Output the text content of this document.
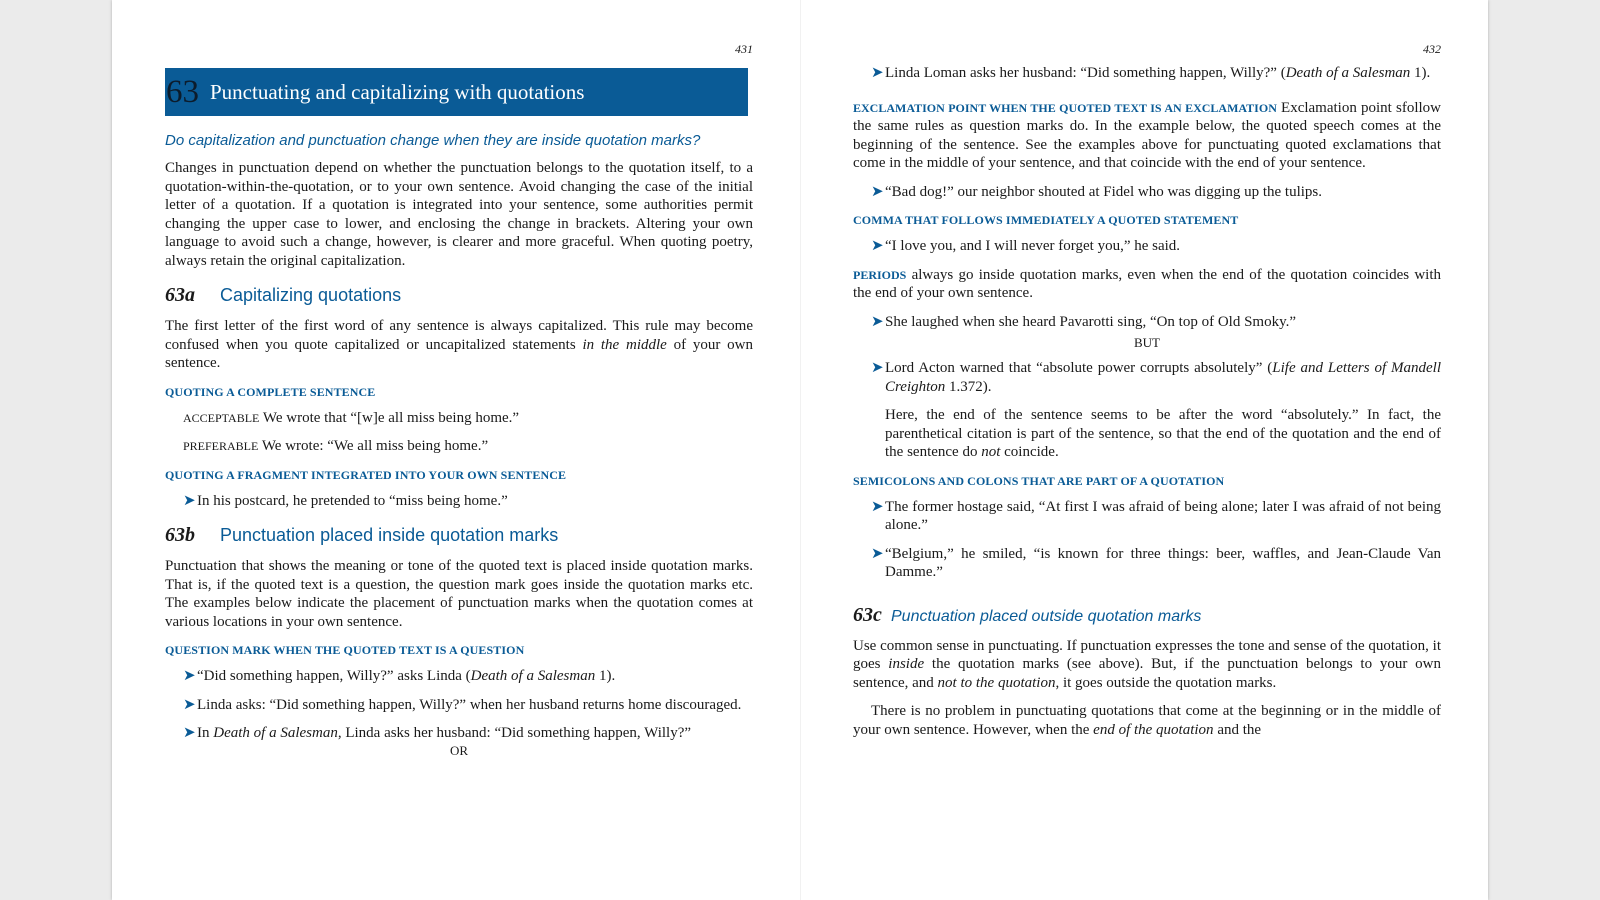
431
63 Punctuating and capitalizing with quotations
Do capitalization and punctuation change when they are inside quotation marks?

Changes in punctuation depend on whether the punctuation belongs to the quotation itself, to a quotation-within-the-quotation, or to your own sentence. Avoid changing the case of the initial letter of a quotation. If a quotation is integrated into your sentence, some authorities permit changing the upper case to lower, and enclosing the change in brackets. Altering your own language to avoid such a change, however, is clearer and more graceful. When quoting poetry, always retain the original capitalization.

63a	Capitalizing quotations

The first letter of the first word of any sentence is always capitalized. This rule may become confused when you quote capitalized or uncapitalized statements in the middle of your own sentence.

QUOTING A COMPLETE SENTENCE
ACCEPTABLE We wrote that “[w]e all miss being home.”
PREFERABLE We wrote: “We all miss being home.”
QUOTING A FRAGMENT INTEGRATED INTO YOUR OWN SENTENCE
➤ In his postcard, he pretended to “miss being home.”
63b	Punctuation placed inside quotation marks

Punctuation that shows the meaning or tone of the quoted text is placed inside quotation marks. That is, if the quoted text is a question, the question mark goes inside the quotation marks etc. The examples below indicate the placement of punctuation marks when the quotation comes at various locations in your own sentence.

QUESTION MARK WHEN THE QUOTED TEXT IS A QUESTION
➤ “Did something happen, Willy?” asks Linda (Death of a Salesman 1).
➤ Linda asks: “Did something happen, Willy?” when her husband returns home discouraged.
➤ In Death of a Salesman, Linda asks her husband: “Did something happen, Willy?”
OR
432
➤ Linda Loman asks her husband: “Did something happen, Willy?” (Death of a Salesman 1).

EXCLAMATION POINT WHEN THE QUOTED TEXT IS AN EXCLAMATION Exclamation point sfollow the same rules as question marks do. In the example below, the quoted speech comes at the beginning of the sentence. See the examples above for punctuating quoted exclamations that come in the middle of your sentence, and that coincide with the end of your sentence.

➤ “Bad dog!” our neighbor shouted at Fidel who was digging up the tulips.
COMMA THAT FOLLOWS IMMEDIATELY A QUOTED STATEMENT
➤ “I love you, and I will never forget you,” he said.

PERIODS always go inside quotation marks, even when the end of the quotation coincides with the end of your own sentence.

➤ She laughed when she heard Pavarotti sing, “On top of Old Smoky.”
BUT
➤ Lord Acton warned that “absolute power corrupts absolutely” (Life and Letters of Mandell Creighton 1.372).
Here, the end of the sentence seems to be after the word “absolutely.” In fact, the parenthetical citation is part of the sentence, so that the end of the quotation and the end of the sentence do not coincide.
SEMICOLONS AND COLONS THAT ARE PART OF A QUOTATION
➤ The former hostage said, “At first I was afraid of being alone; later I was afraid of not being alone.”
➤ “Belgium,” he smiled, “is known for three things: beer, waffles, and Jean-Claude Van Damme.”
63c Punctuation placed outside quotation marks

Use common sense in punctuating. If punctuation expresses the tone and sense of the quotation, it goes inside the quotation marks (see above). But, if the punctuation belongs to your own sentence, and not to the quotation, it goes outside the quotation marks.

There is no problem in punctuating quotations that come at the beginning or in the middle of your own sentence. However, when the end of the quotation and the
